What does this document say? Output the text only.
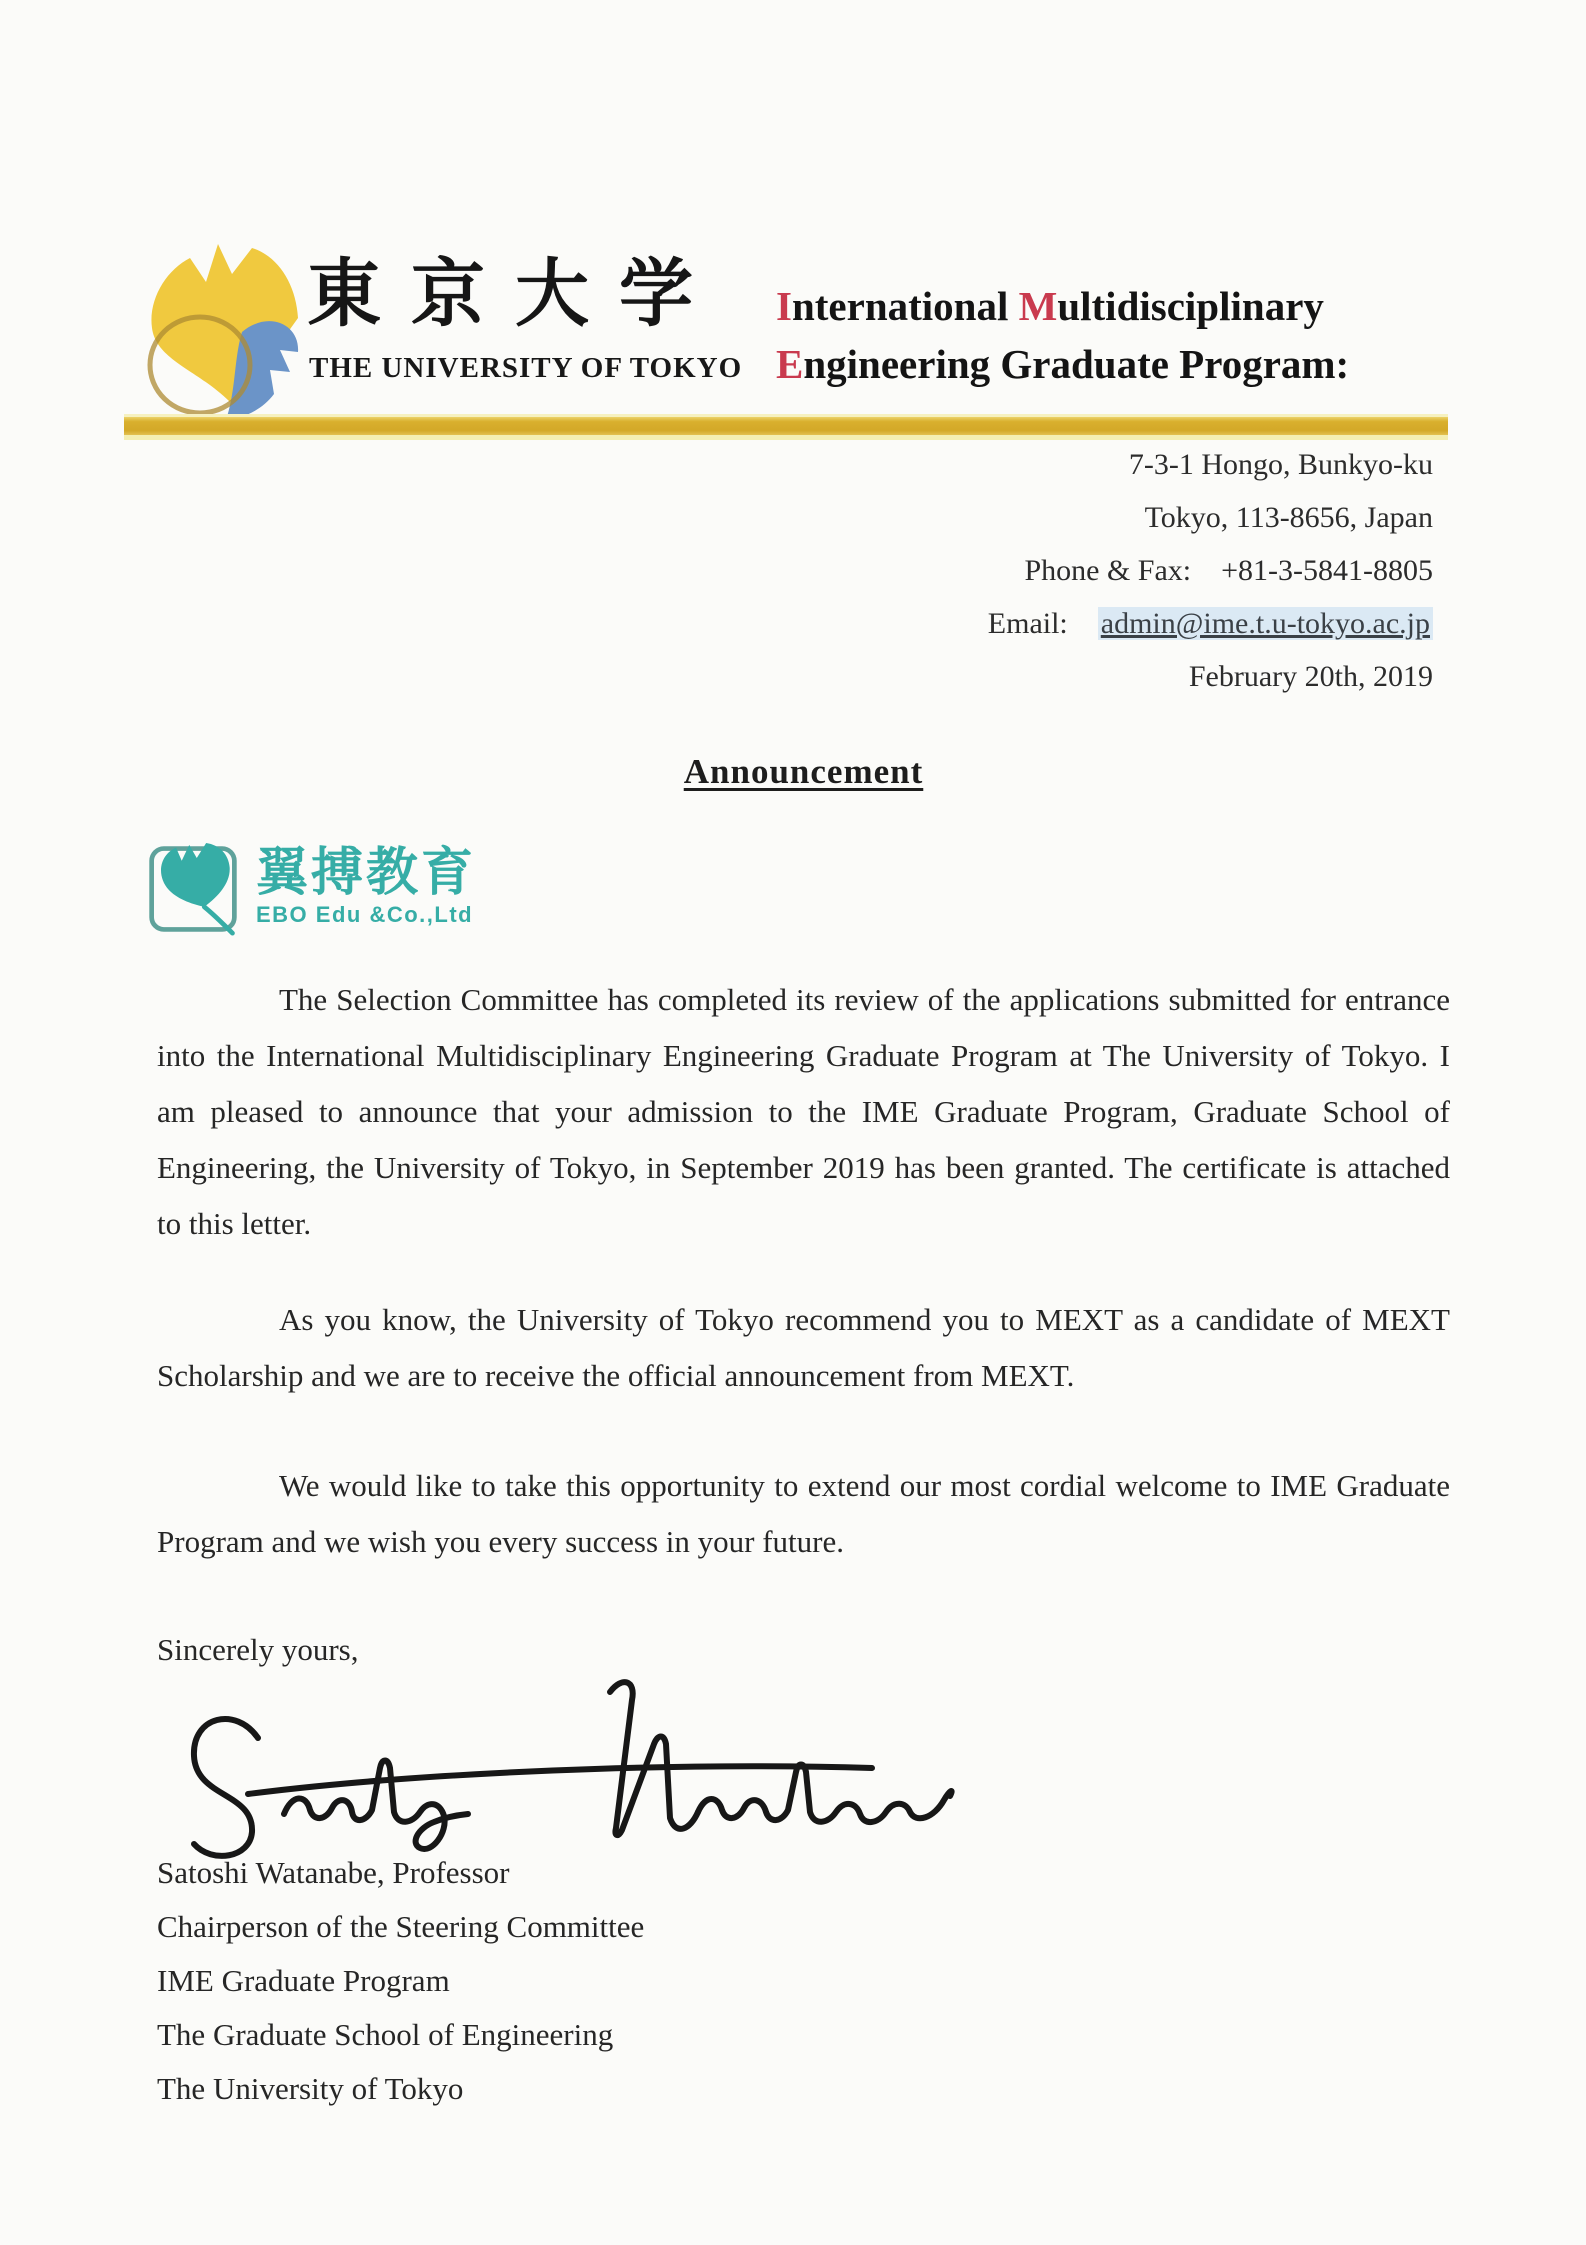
東京大学
THE UNIVERSITY OF TOKYO
International Multidisciplinary
Engineering Graduate Program:
7-3-1 Hongo, Bunkyo-ku
Tokyo, 113-8656, Japan
Phone & Fax: +81-3-5841-8805
Email: admin@ime.t.u-tokyo.ac.jp
February 20th, 2019
Announcement
翼搏教育
EBO Edu &Co.,Ltd

The Selection Committee has completed its review of the applications submitted for entrance into the International Multidisciplinary Engineering Graduate Program at The University of Tokyo. I am pleased to announce that your admission to the IME Graduate Program, Graduate School of Engineering, the University of Tokyo, in September 2019 has been granted. The certificate is attached to this letter.

As you know, the University of Tokyo recommend you to MEXT as a candidate of MEXT Scholarship and we are to receive the official announcement from MEXT.

We would like to take this opportunity to extend our most cordial welcome to IME Graduate Program and we wish you every success in your future.

Sincerely yours,
Satoshi Watanabe, Professor
Chairperson of the Steering Committee
IME Graduate Program
The Graduate School of Engineering
The University of Tokyo
